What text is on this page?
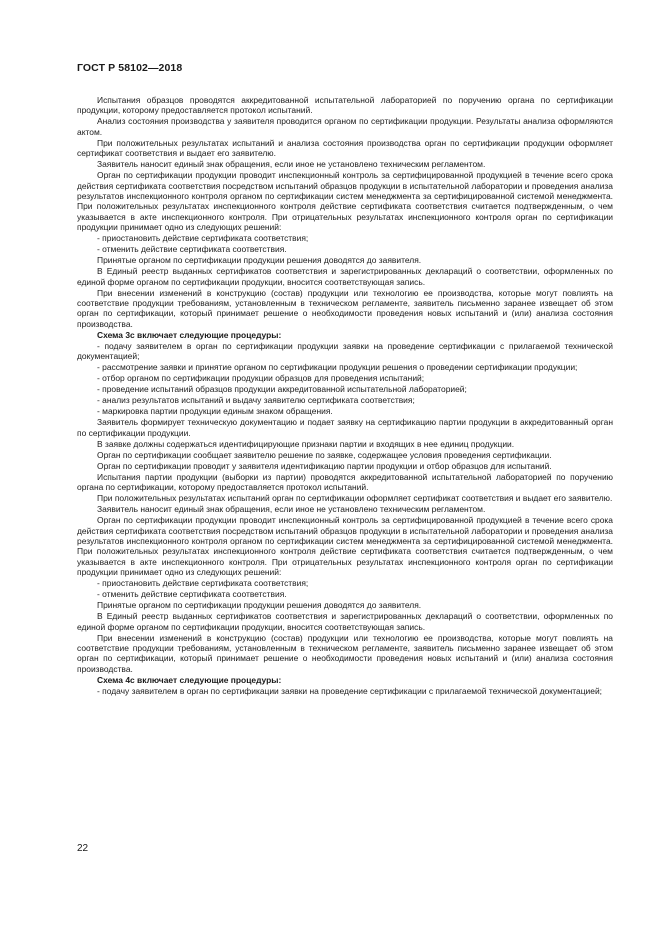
ГОСТ Р 58102—2018

Испытания образцов проводятся аккредитованной испытательной лабораторией по поручению органа по сертификации продукции, которому предоставляется протокол испытаний.

Анализ состояния производства у заявителя проводится органом по сертификации продукции. Результаты анализа оформляются актом.

При положительных результатах испытаний и анализа состояния производства орган по сертификации продукции оформляет сертификат соответствия и выдает его заявителю.

Заявитель наносит единый знак обращения, если иное не установлено техническим регламентом.

Орган по сертификации продукции проводит инспекционный контроль за сертифицированной продукцией в течение всего срока действия сертификата соответствия посредством испытаний образцов продукции в испытательной лаборатории и проведения анализа результатов инспекционного контроля органом по сертификации систем менеджмента за сертифицированной системой менеджмента. При положительных результатах инспекционного контроля действие сертификата соответствия считается подтвержденным, о чем указывается в акте инспекционного контроля. При отрицательных результатах инспекционного контроля орган по сертификации продукции принимает одно из следующих решений:

- приостановить действие сертификата соответствия;

- отменить действие сертификата соответствия.

Принятые органом по сертификации продукции решения доводятся до заявителя.

В Единый реестр выданных сертификатов соответствия и зарегистрированных деклараций о соответствии, оформленных по единой форме органом по сертификации продукции, вносится соответствующая запись.

При внесении изменений в конструкцию (состав) продукции или технологию ее производства, которые могут повлиять на соответствие продукции требованиям, установленным в техническом регламенте, заявитель письменно заранее извещает об этом орган по сертификации, который принимает решение о необходимости проведения новых испытаний и (или) анализа состояния производства.

Схема 3с включает следующие процедуры:

- подачу заявителем в орган по сертификации продукции заявки на проведение сертификации с прилагаемой технической документацией;

- рассмотрение заявки и принятие органом по сертификации продукции решения о проведении сертификации продукции;

- отбор органом по сертификации продукции образцов для проведения испытаний;

- проведение испытаний образцов продукции аккредитованной испытательной лабораторией;

- анализ результатов испытаний и выдачу заявителю сертификата соответствия;

- маркировка партии продукции единым знаком обращения.

Заявитель формирует техническую документацию и подает заявку на сертификацию партии продукции в аккредитованный орган по сертификации продукции.

В заявке должны содержаться идентифицирующие признаки партии и входящих в нее единиц продукции.

Орган по сертификации сообщает заявителю решение по заявке, содержащее условия проведения сертификации.

Орган по сертификации проводит у заявителя идентификацию партии продукции и отбор образцов для испытаний.

Испытания партии продукции (выборки из партии) проводятся аккредитованной испытательной лабораторией по поручению органа по сертификации, которому предоставляется протокол испытаний.

При положительных результатах испытаний орган по сертификации оформляет сертификат соответствия и выдает его заявителю.

Заявитель наносит единый знак обращения, если иное не установлено техническим регламентом.

Орган по сертификации продукции проводит инспекционный контроль за сертифицированной продукцией в течение всего срока действия сертификата соответствия посредством испытаний образцов продукции в испытательной лаборатории и проведения анализа результатов инспекционного контроля органом по сертификации систем менеджмента за сертифицированной системой менеджмента. При положительных результатах инспекционного контроля действие сертификата соответствия считается подтвержденным, о чем указывается в акте инспекционного контроля. При отрицательных результатах инспекционного контроля орган по сертификации продукции принимает одно из следующих решений:

- приостановить действие сертификата соответствия;

- отменить действие сертификата соответствия.

Принятые органом по сертификации продукции решения доводятся до заявителя.

В Единый реестр выданных сертификатов соответствия и зарегистрированных деклараций о соответствии, оформленных по единой форме органом по сертификации продукции, вносится соответствующая запись.

При внесении изменений в конструкцию (состав) продукции или технологию ее производства, которые могут повлиять на соответствие продукции требованиям, установленным в техническом регламенте, заявитель письменно заранее извещает об этом орган по сертификации, который принимает решение о необходимости проведения новых испытаний и (или) анализа состояния производства.

Схема 4с включает следующие процедуры:

- подачу заявителем в орган по сертификации заявки на проведение сертификации с прилагаемой технической документацией;

22
